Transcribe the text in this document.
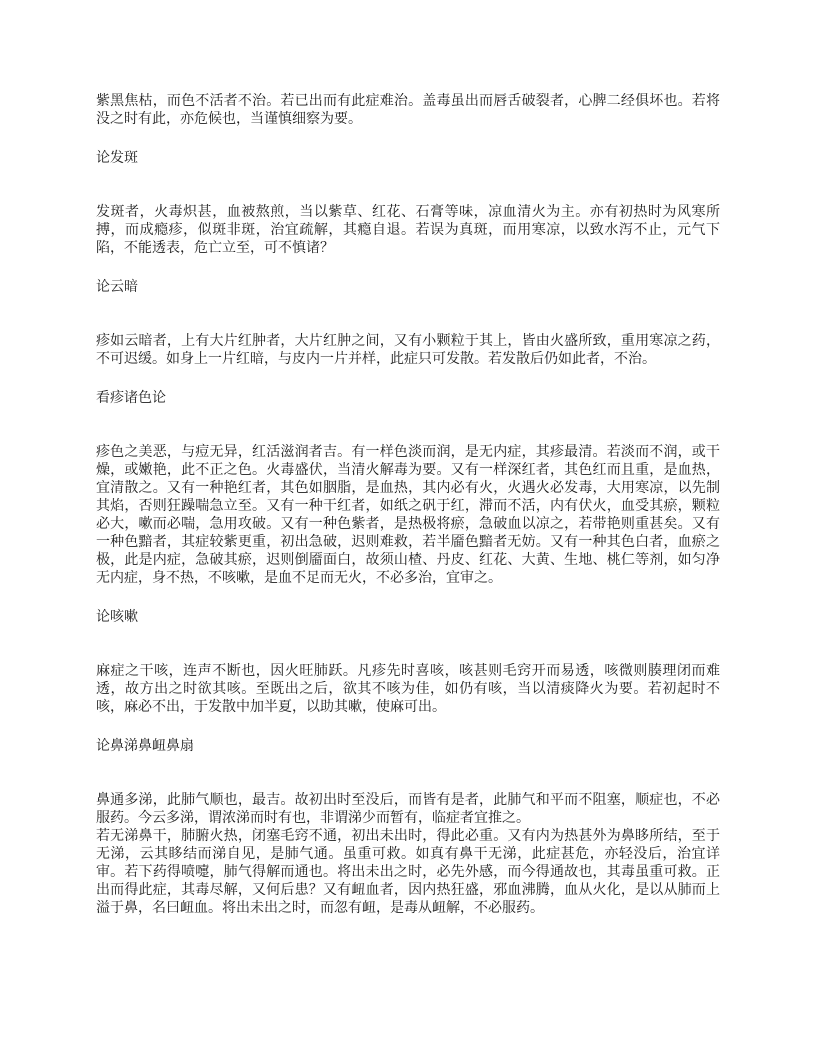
紫黑焦枯，而色不活者不治。若已出而有此症难治。盖毒虽出而唇舌破裂者，心脾二经俱坏也。若将没之时有此，亦危候也，当谨慎细察为要。

论发斑

发斑者，火毒炽甚，血被熬煎，当以紫草、红花、石膏等味，凉血清火为主。亦有初热时为风寒所搏，而成瘾疹，似斑非斑，治宜疏解，其瘾自退。若误为真斑，而用寒凉，以致水泻不止，元气下陷，不能透表，危亡立至，可不慎诸？

论云暗

疹如云暗者，上有大片红肿者，大片红肿之间，又有小颗粒于其上，皆由火盛所致，重用寒凉之药，不可迟缓。如身上一片红暗，与皮内一片并样，此症只可发散。若发散后仍如此者，不治。

看疹诸色论

疹色之美恶，与痘无异，红活滋润者吉。有一样色淡而润，是无内症，其疹最清。若淡而不润，或干燥，或嫩艳，此不正之色。火毒盛伏，当清火解毒为要。又有一样深红者，其色红而且重，是血热，宜清散之。又有一种艳红者，其色如胭脂，是血热，其内必有火，火遇火必发毒，大用寒凉，以先制其焰，否则狂躁喘急立至。又有一种干红者，如纸之矾于红，滞而不活，内有伏火，血受其瘀，颗粒必大，嗽而必喘，急用攻破。又有一种色紫者，是热极将瘀，急破血以凉之，若带艳则重甚矣。又有一种色黯者，其症较紫更重，初出急破，迟则难救，若半靥色黯者无妨。又有一种其色白者，血瘀之极，此是内症，急破其瘀，迟则倒靥面白，故须山楂、丹皮、红花、大黄、生地、桃仁等剂，如匀净无内症，身不热，不咳嗽，是血不足而无火，不必多治，宜审之。

论咳嗽

麻症之干咳，连声不断也，因火旺肺跃。凡疹先时喜咳，咳甚则毛窍开而易透，咳微则腠理闭而难透，故方出之时欲其咳。至既出之后，欲其不咳为佳，如仍有咳，当以清痰降火为要。若初起时不咳，麻必不出，于发散中加半夏，以助其嗽，使麻可出。

论鼻涕鼻衄鼻扇

鼻通多涕，此肺气顺也，最吉。故初出时至没后，而皆有是者，此肺气和平而不阻塞，顺症也，不必服药。今云多涕，谓浓涕而时有也，非谓涕少而暂有，临症者宜推之。

若无涕鼻干，肺腑火热，闭塞毛窍不通，初出未出时，得此必重。又有内为热甚外为鼻眵所结，至于无涕，云其眵结而涕自见，是肺气通。虽重可救。如真有鼻干无涕，此症甚危，亦轻没后，治宜详审。若下药得喷嚏，肺气得解而通也。将出未出之时，必先外感，而今得通故也，其毒虽重可救。正出而得此症，其毒尽解，又何后患？又有衄血者，因内热狂盛，邪血沸腾，血从火化，是以从肺而上溢于鼻，名曰衄血。将出未出之时，而忽有衄，是毒从衄解，不必服药。
